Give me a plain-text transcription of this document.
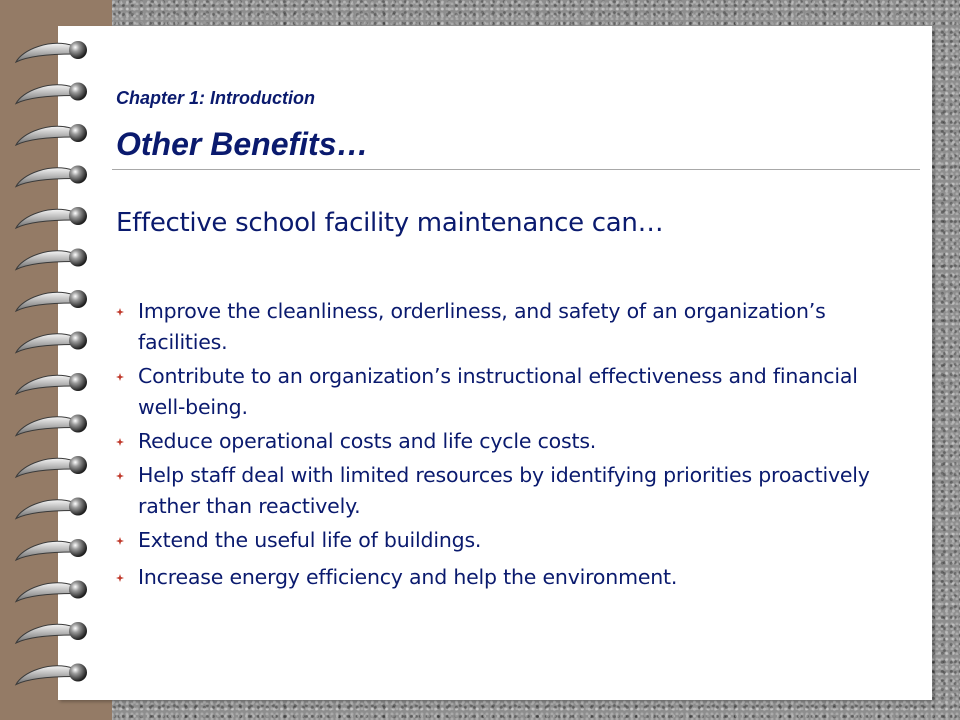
Chapter 1: Introduction
Other Benefits…
Effective school facility maintenance can…
Improve the cleanliness, orderliness, and safety of an organization’s facilities.
Contribute to an organization’s instructional effectiveness and financial well-being.
Reduce operational costs and life cycle costs.
Help staff deal with limited resources by identifying priorities proactively rather than reactively.
Extend the useful life of buildings.
Increase energy efficiency and help the environment.
